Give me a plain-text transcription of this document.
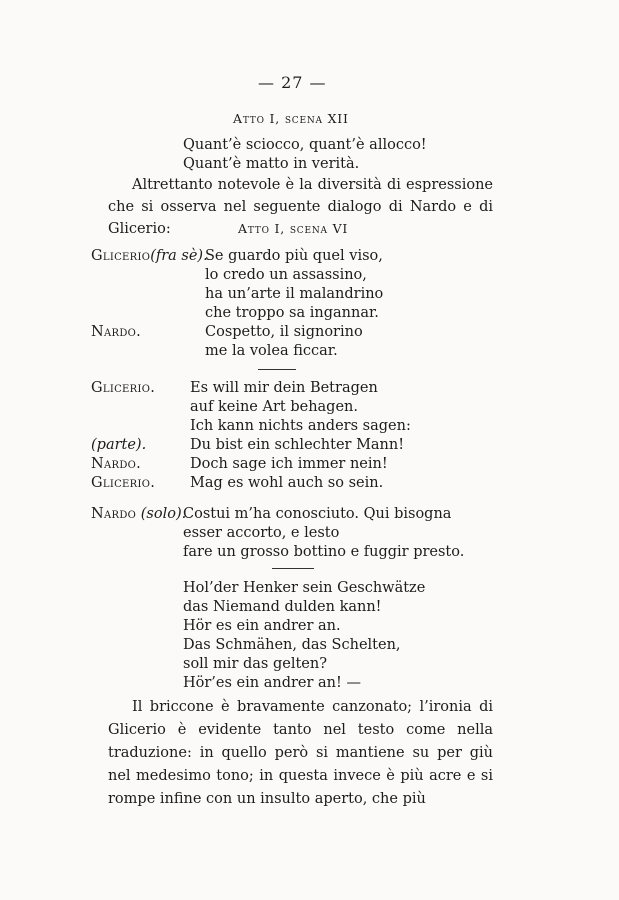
— 27 —
Atto I, scena XII
Quant’è sciocco, quant’è allocco!
Quant’è matto in verità.
Altrettanto notevole è la diversità di espressione che si osserva nel seguente dialogo di Nardo e di Glicerio:	Atto I, scena VI
Glicerio(fra sè).
Se guardo più quel viso,
lo credo un assassino,
ha un’arte il malandrino
che troppo sa ingannar.
Nardo.	Cospetto, il signorino
me la volea ficcar.
Glicerio. Es will mir dein Betragen
auf keine Art behagen.
Ich kann nichts anders sagen:
(parte).	Du bist ein schlechter Mann!
Nardo.	Doch sage ich immer nein!
Glicerio. Mag es wohl auch so sein.
Nardo (solo).
Costui m’ha conosciuto. Qui bisogna
esser accorto, e lesto
fare un grosso bottino e fuggir presto.
Hol’der Henker sein Geschwätze
das Niemand dulden kann!
Hör es ein andrer an.
Das Schmähen, das Schelten,
soll mir das gelten?
Hör’es ein andrer an! —
Il briccone è bravamente canzonato; l’ironia di Glicerio è evidente tanto nel testo come nella traduzione: in quello però si mantiene su per giù nel medesimo tono; in questa invece è più acre e si rompe infine con un insulto aperto, che più
